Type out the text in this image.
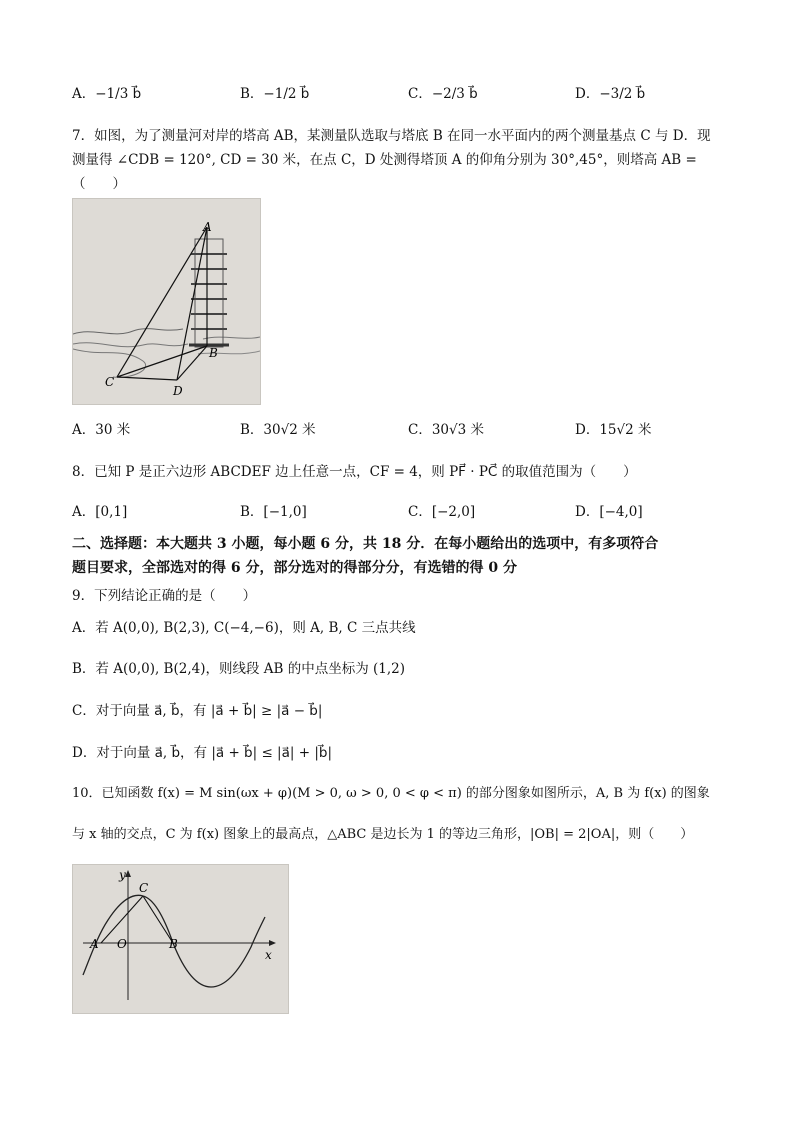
A．−1/3 b⃗	B．−1/2 b⃗	C．−2/3 b⃗	D．−3/2 b⃗
7．如图，为了测量河对岸的塔高 AB，某测量队选取与塔底 B 在同一水平面内的两个测量基点 C 与 D．现
测量得 ∠CDB = 120°, CD = 30 米，在点 C，D 处测得塔顶 A 的仰角分别为 30°,45°，则塔高 AB =
（　　）
A
B
C
D
A．30 米	B．30√2 米	C．30√3 米	D．15√2 米
8．已知 P 是正六边形 ABCDEF 边上任意一点，CF = 4，则 PF⃗ · PC⃗ 的取值范围为（　　）
A．[0,1]	B．[−1,0]	C．[−2,0]	D．[−4,0]
二、选择题：本大题共 3 小题，每小题 6 分，共 18 分．在每小题给出的选项中，有多项符合
题目要求，全部选对的得 6 分，部分选对的得部分分，有选错的得 0 分
9．下列结论正确的是（　　）
A．若 A(0,0), B(2,3), C(−4,−6)，则 A, B, C 三点共线
B．若 A(0,0), B(2,4)，则线段 AB 的中点坐标为 (1,2)
C．对于向量 a⃗, b⃗，有 |a⃗ + b⃗| ≥ |a⃗ − b⃗|
D．对于向量 a⃗, b⃗，有 |a⃗ + b⃗| ≤ |a⃗| + |b⃗|
10．已知函数 f(x) = M sin(ωx + φ)(M > 0, ω > 0, 0 < φ < π) 的部分图象如图所示，A, B 为 f(x) 的图象
与 x 轴的交点，C 为 f(x) 图象上的最高点，△ABC 是边长为 1 的等边三角形，|OB| = 2|OA|，则（　　）
y
x
C
A O	B
